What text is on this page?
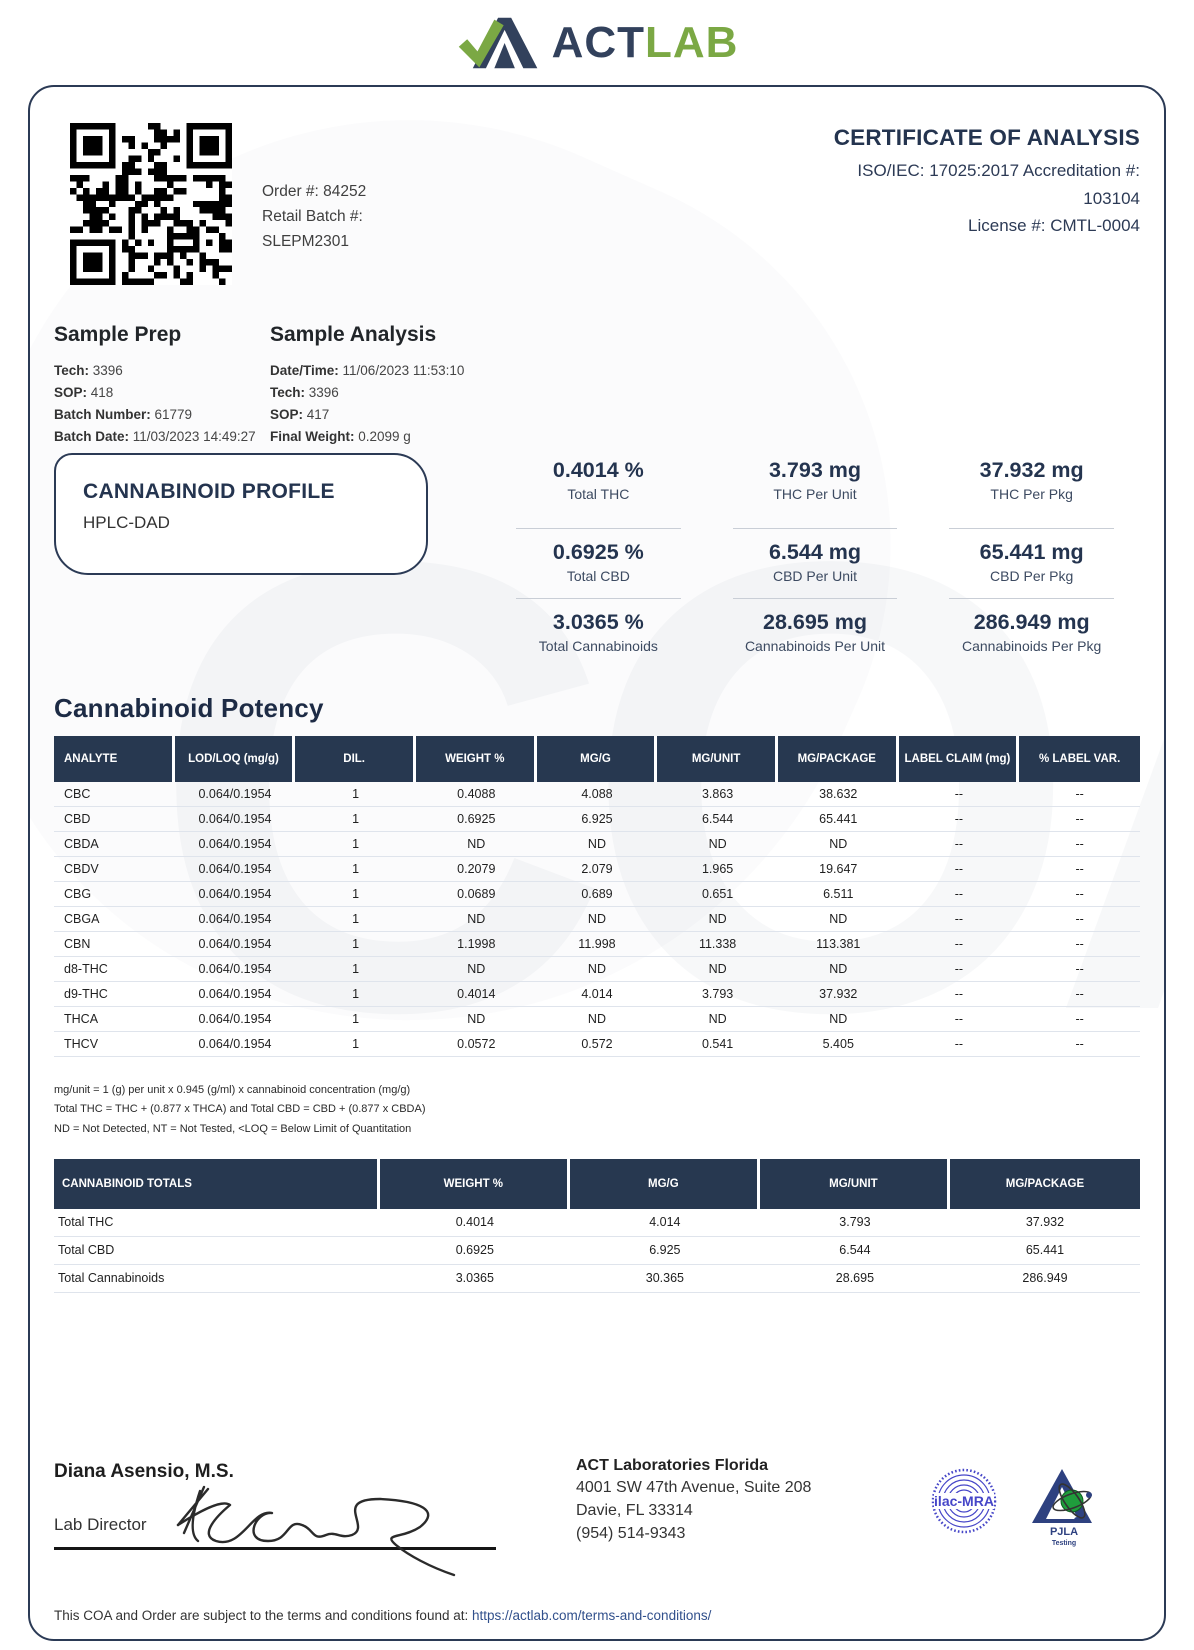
ACTLAB
Order #: 84252
Retail Batch #:
SLEPM2301
CERTIFICATE OF ANALYSIS
ISO/IEC: 17025:2017 Accreditation #:
103104
License #: CMTL-0004
Sample Prep
Tech: 3396
SOP: 418
Batch Number: 61779
Batch Date: 11/03/2023 14:49:27
Sample Analysis
Date/Time: 11/06/2023 11:53:10
Tech: 3396
SOP: 417
Final Weight: 0.2099 g
CANNABINOID PROFILE
HPLC-DAD
0.4014 %
Total THC
3.793 mg
THC Per Unit
37.932 mg
THC Per Pkg
0.6925 %
Total CBD
6.544 mg
CBD Per Unit
65.441 mg
CBD Per Pkg
3.0365 %
Total Cannabinoids
28.695 mg
Cannabinoids Per Unit
286.949 mg
Cannabinoids Per Pkg
Cannabinoid Potency
ANALYTE	LOD/LOQ (mg/g)	DIL.	WEIGHT %	MG/G	MG/UNIT	MG/PACKAGE	LABEL CLAIM (mg)	% LABEL VAR.
CBC	0.064/0.1954	1	0.4088	4.088	3.863	38.632	--	--
CBD	0.064/0.1954	1	0.6925	6.925	6.544	65.441	--	--
CBDA	0.064/0.1954	1	ND	ND	ND	ND	--	--
CBDV	0.064/0.1954	1	0.2079	2.079	1.965	19.647	--	--
CBG	0.064/0.1954	1	0.0689	0.689	0.651	6.511	--	--
CBGA	0.064/0.1954	1	ND	ND	ND	ND	--	--
CBN	0.064/0.1954	1	1.1998	11.998	11.338	113.381	--	--
d8-THC	0.064/0.1954	1	ND	ND	ND	ND	--	--
d9-THC	0.064/0.1954	1	0.4014	4.014	3.793	37.932	--	--
THCA	0.064/0.1954	1	ND	ND	ND	ND	--	--
THCV	0.064/0.1954	1	0.0572	0.572	0.541	5.405	--	--
mg/unit = 1 (g) per unit x 0.945 (g/ml) x cannabinoid concentration (mg/g)
Total THC = THC + (0.877 x THCA) and Total CBD = CBD + (0.877 x CBDA)
ND = Not Detected, NT = Not Tested, <LOQ = Below Limit of Quantitation
CANNABINOID TOTALS	WEIGHT %	MG/G	MG/UNIT	MG/PACKAGE
Total THC	0.4014	4.014	3.793	37.932
Total CBD	0.6925	6.925	6.544	65.441
Total Cannabinoids	3.0365	30.365	28.695	286.949
Diana Asensio, M.S.
Lab Director
ACT Laboratories Florida
4001 SW 47th Avenue, Suite 208
Davie, FL 33314
(954) 514-9343
ilac-MRA
PJLA
Testing
This COA and Order are subject to the terms and conditions found at: https://actlab.com/terms-and-conditions/
